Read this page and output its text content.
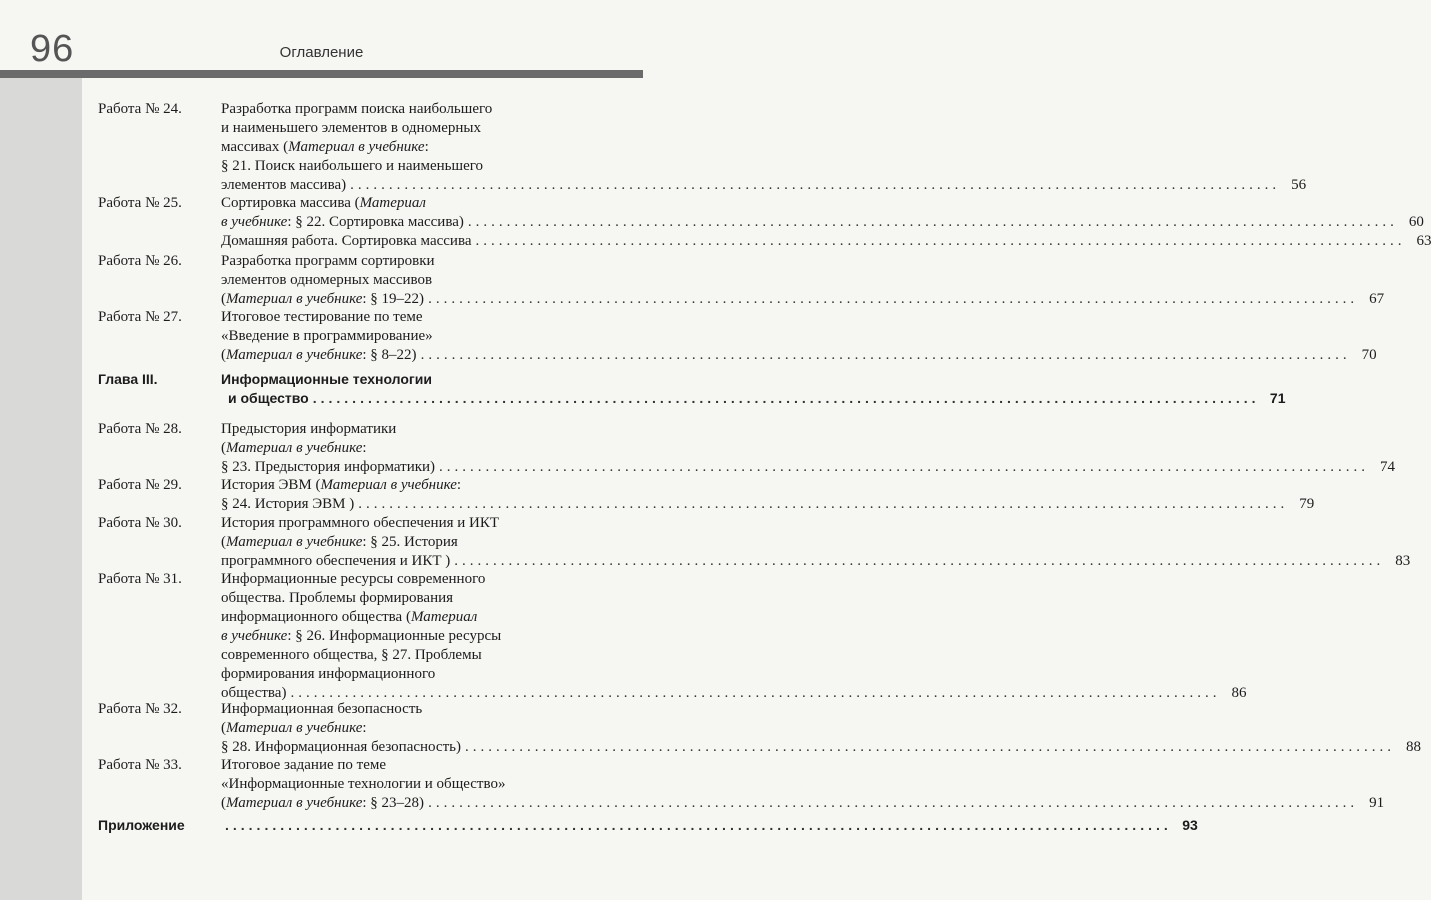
96	Оглавление
Работа № 24.	Разработка программ поиска наибольшего
и наименьшего элементов в одномерных
массивах (Материал в учебнике:
§ 21. Поиск наибольшего и наименьшего
элементов массива) ........................................................................................................................ 56
Работа № 25.	Сортировка массива (Материал
в учебнике: § 22. Сортировка массива) ........................................................................................................................ 60
Домашняя работа. Сортировка массива ........................................................................................................................ 63
Работа № 26.	Разработка программ сортировки
элементов одномерных массивов
(Материал в учебнике: § 19–22) ........................................................................................................................ 67
Работа № 27.	Итоговое тестирование по теме
«Введение в программирование»
(Материал в учебнике: § 8–22) ........................................................................................................................ 70
Глава III.	Информационные технологии
и общество ........................................................................................................................ 71
Работа № 28.	Предыстория информатики
(Материал в учебнике:
§ 23. Предыстория информатики) ........................................................................................................................ 74
Работа № 29.	История ЭВМ (Материал в учебнике:
§ 24. История ЭВМ ) ........................................................................................................................ 79
Работа № 30.	История программного обеспечения и ИКТ
(Материал в учебнике: § 25. История
программного обеспечения и ИКТ ) ........................................................................................................................ 83
Работа № 31.	Информационные ресурсы современного
общества. Проблемы формирования
информационного общества (Материал
в учебнике: § 26. Информационные ресурсы
современного общества, § 27. Проблемы
формирования информационного
общества) ........................................................................................................................ 86
Работа № 32.	Информационная безопасность
(Материал в учебнике:
§ 28. Информационная безопасность) ........................................................................................................................ 88
Работа № 33.	Итоговое задание по теме
«Информационные технологии и общество»
(Материал в учебнике: § 23–28) ........................................................................................................................ 91
Приложение	........................................................................................................................ 93
